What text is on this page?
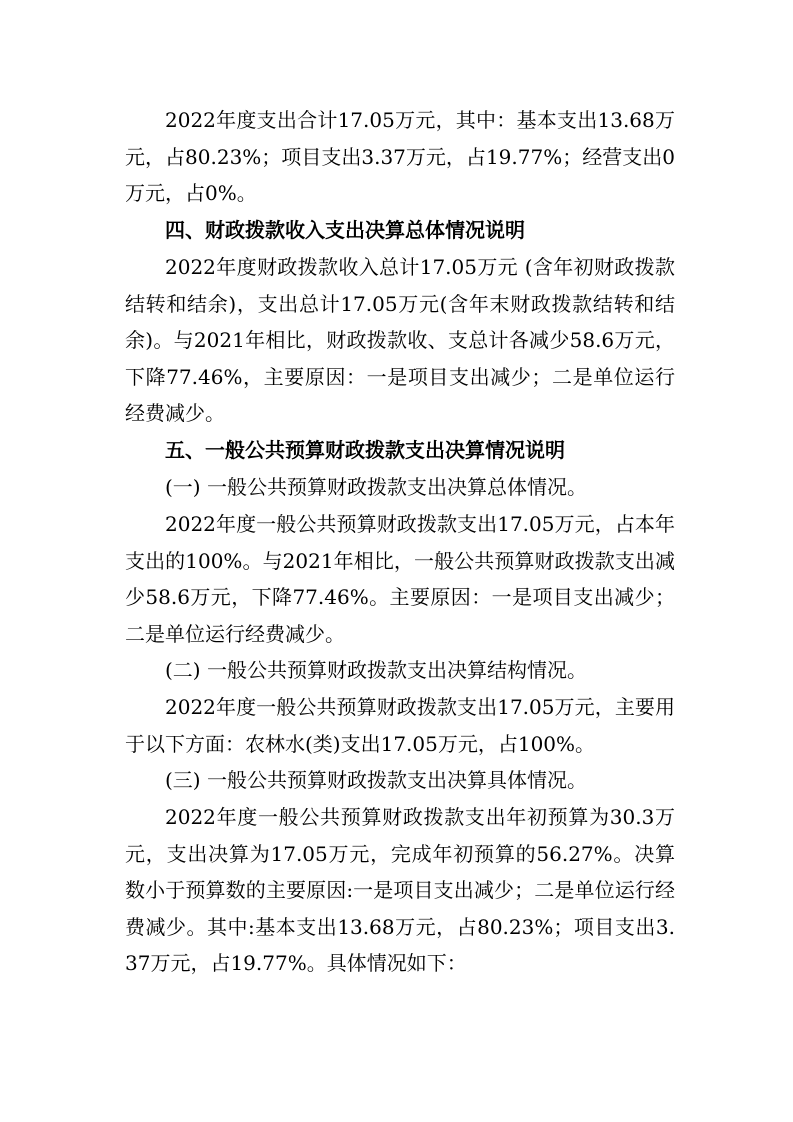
2022年度支出合计17.05万元，其中：基本支出13.68万元，占80.23%；项目支出3.37万元，占19.77%；经营支出0万元，占0%。

四、财政拨款收入支出决算总体情况说明

2022年度财政拨款收入总计17.05万元 (含年初财政拨款结转和结余)，支出总计17.05万元(含年末财政拨款结转和结余)。与2021年相比，财政拨款收、支总计各减少58.6万元，下降77.46%，主要原因：一是项目支出减少；二是单位运行经费减少。

五、一般公共预算财政拨款支出决算情况说明

(一) 一般公共预算财政拨款支出决算总体情况。

2022年度一般公共预算财政拨款支出17.05万元，占本年支出的100%。与2021年相比，一般公共预算财政拨款支出减少58.6万元，下降77.46%。主要原因：一是项目支出减少；二是单位运行经费减少。

(二) 一般公共预算财政拨款支出决算结构情况。

2022年度一般公共预算财政拨款支出17.05万元，主要用于以下方面：农林水(类)支出17.05万元，占100%。

(三) 一般公共预算财政拨款支出决算具体情况。

2022年度一般公共预算财政拨款支出年初预算为30.3万元，支出决算为17.05万元，完成年初预算的56.27%。决算数小于预算数的主要原因:一是项目支出减少；二是单位运行经费减少。其中:基本支出13.68万元，占80.23%；项目支出3.37万元，占19.77%。具体情况如下：
